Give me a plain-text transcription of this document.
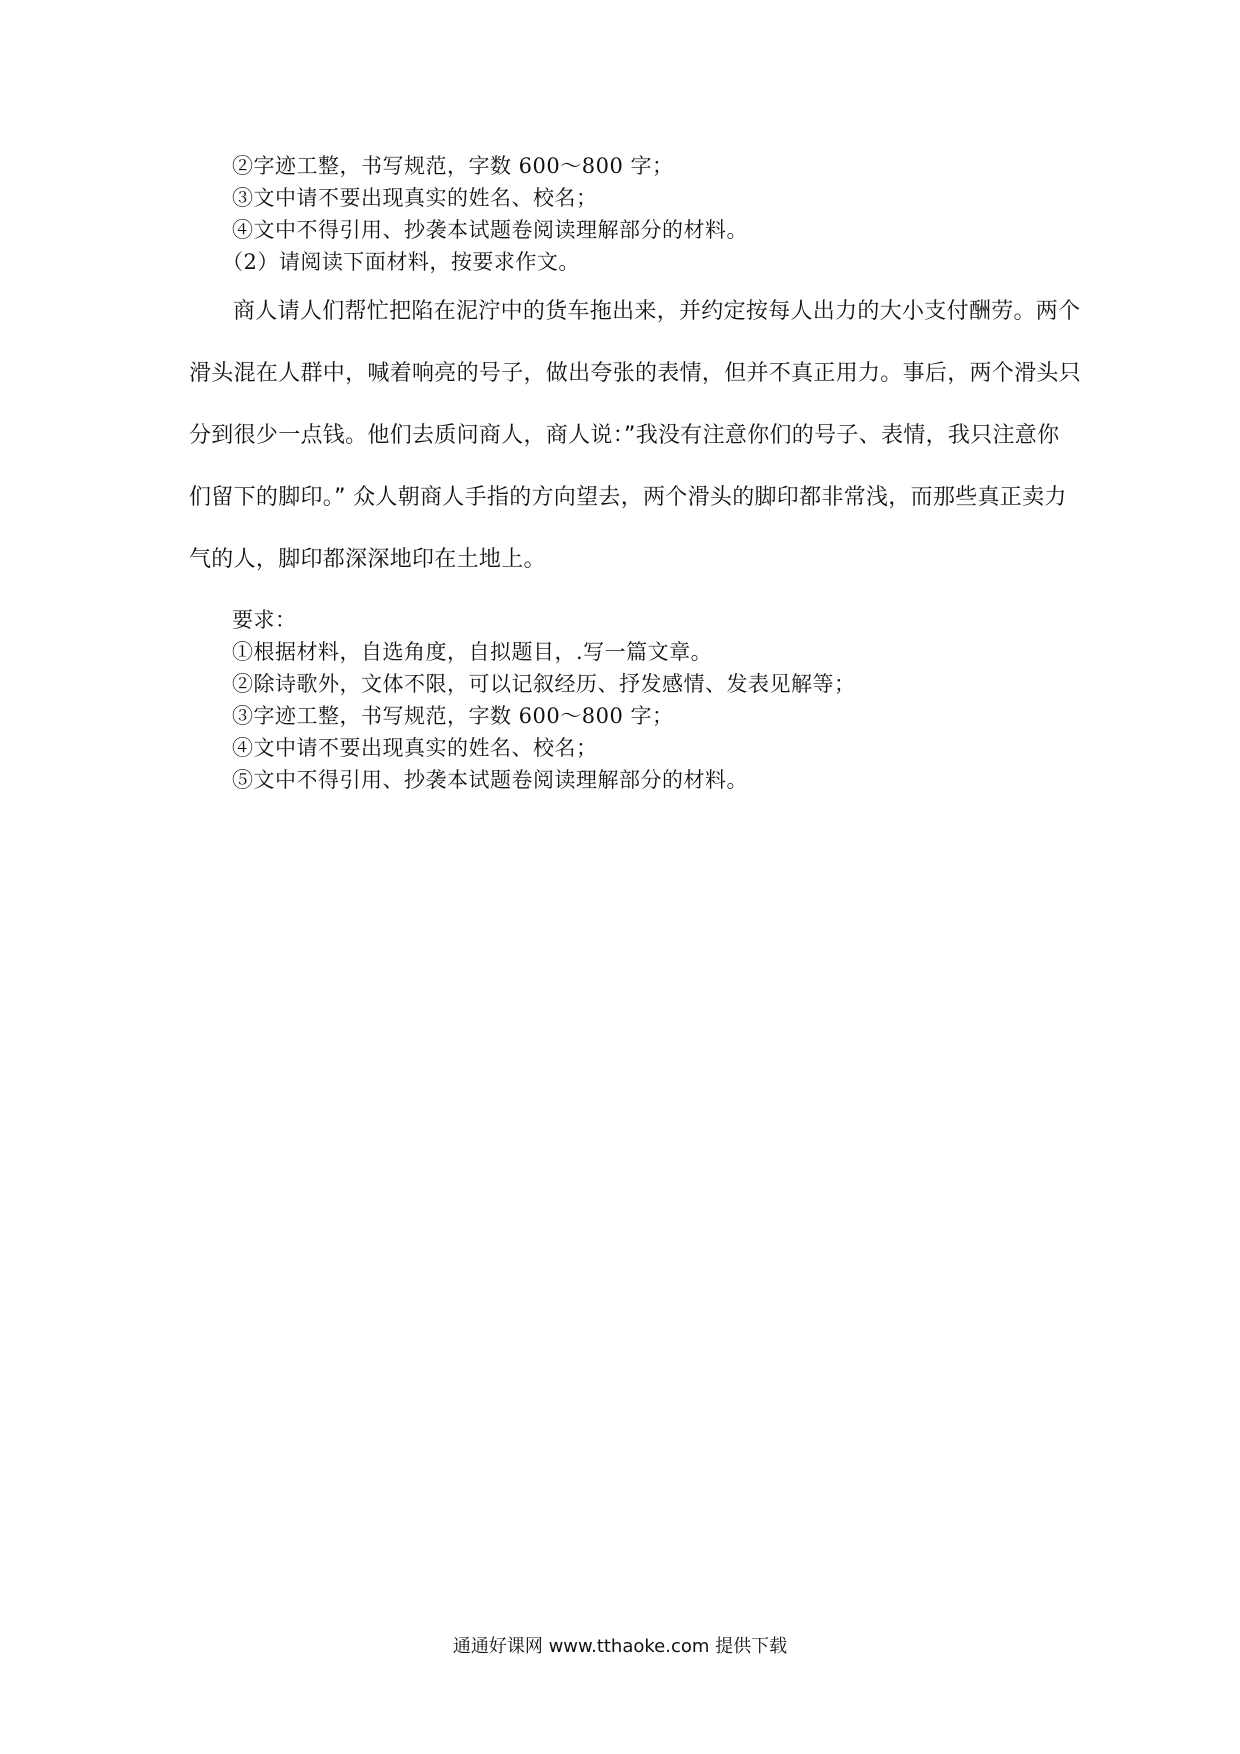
②字迹工整，书写规范，字数 600～800 字；
③文中请不要出现真实的姓名、校名；
④文中不得引用、抄袭本试题卷阅读理解部分的材料。
（2）请阅读下面材料，按要求作文。
商人请人们帮忙把陷在泥泞中的货车拖出来，并约定按每人出力的大小支付酬劳。两个
滑头混在人群中，喊着响亮的号子，做出夸张的表情，但并不真正用力。事后，两个滑头只
分到很少一点钱。他们去质问商人，商人说：”我没有注意你们的号子、表情，我只注意你
们留下的脚印。” 众人朝商人手指的方向望去，两个滑头的脚印都非常浅，而那些真正卖力
气的人，脚印都深深地印在土地上。
要求：
①根据材料，自选角度，自拟题目，.写一篇文章。
②除诗歌外，文体不限，可以记叙经历、抒发感情、发表见解等；
③字迹工整，书写规范，字数 600～800 字；
④文中请不要出现真实的姓名、校名；
⑤文中不得引用、抄袭本试题卷阅读理解部分的材料。
通通好课网 www.tthaoke.com 提供下载
